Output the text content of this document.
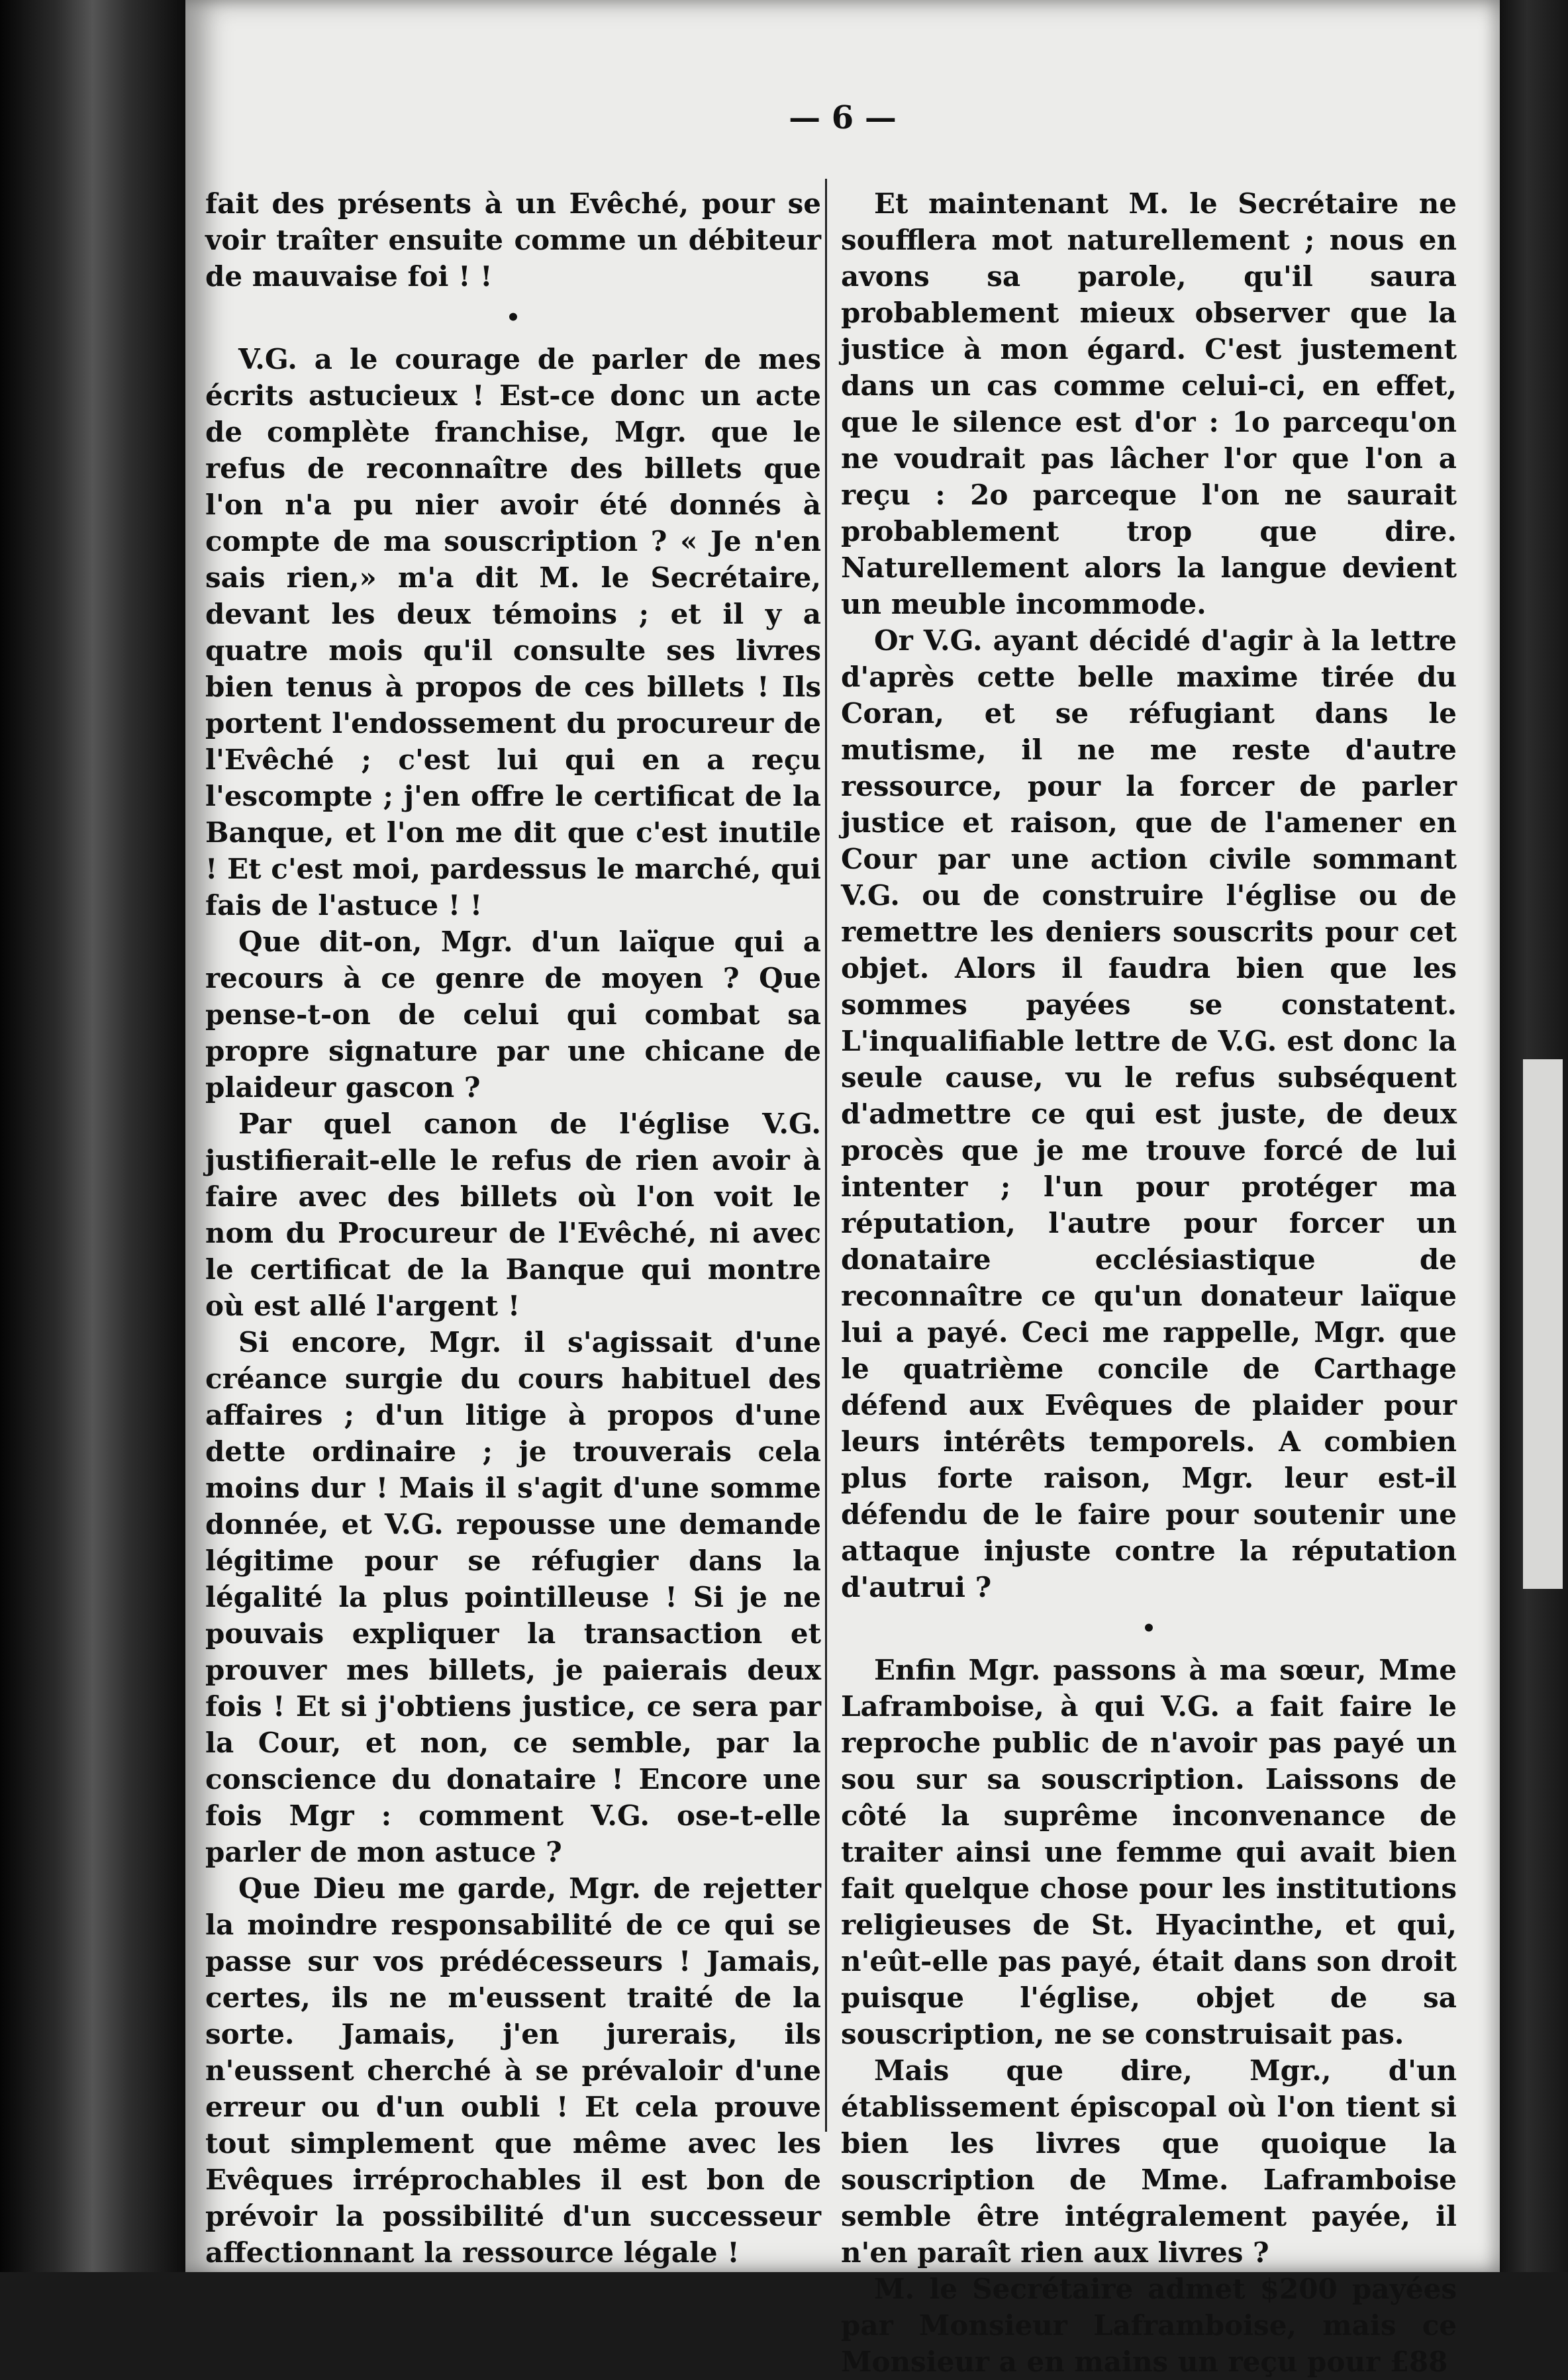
— 6 —

fait des présents à un Evêché, pour se voir traîter ensuite comme un débiteur de mauvaise foi ! !

•

V.G. a le courage de parler de mes écrits astucieux ! Est-ce donc un acte de complète franchise, Mgr. que le refus de reconnaître des billets que l'on n'a pu nier avoir été donnés à compte de ma souscription ? « Je n'en sais rien,» m'a dit M. le Secrétaire, devant les deux témoins ; et il y a quatre mois qu'il consulte ses livres bien tenus à propos de ces billets ! Ils portent l'endossement du procureur de l'Evêché ; c'est lui qui en a reçu l'escompte ; j'en offre le certificat de la Banque, et l'on me dit que c'est inutile ! Et c'est moi, pardessus le marché, qui fais de l'astuce ! !

Que dit-on, Mgr. d'un laïque qui a recours à ce genre de moyen ? Que pense-t-on de celui qui combat sa propre signature par une chicane de plaideur gascon ?

Par quel canon de l'église V.G. justifierait-elle le refus de rien avoir à faire avec des billets où l'on voit le nom du Procureur de l'Evêché, ni avec le certificat de la Banque qui montre où est allé l'argent !

Si encore, Mgr. il s'agissait d'une créance surgie du cours habituel des affaires ; d'un litige à propos d'une dette ordinaire ; je trouverais cela moins dur ! Mais il s'agit d'une somme donnée, et V.G. repousse une demande légitime pour se réfugier dans la légalité la plus pointilleuse ! Si je ne pouvais expliquer la transaction et prouver mes billets, je paierais deux fois ! Et si j'obtiens justice, ce sera par la Cour, et non, ce semble, par la conscience du donataire ! Encore une fois Mgr : comment V.G. ose-t-elle parler de mon astuce ?

Que Dieu me garde, Mgr. de rejetter la moindre responsabilité de ce qui se passe sur vos prédécesseurs ! Jamais, certes, ils ne m'eussent traité de la sorte. Jamais, j'en jurerais, ils n'eussent cherché à se prévaloir d'une erreur ou d'un oubli ! Et cela prouve tout simplement que même avec les Evêques irréprochables il est bon de prévoir la possibilité d'un successeur affectionnant la ressource légale !

Et maintenant M. le Secrétaire ne soufflera mot naturellement ; nous en avons sa parole, qu'il saura probablement mieux observer que la justice à mon égard. C'est justement dans un cas comme celui-ci, en effet, que le silence est d'or : 1o parcequ'on ne voudrait pas lâcher l'or que l'on a reçu : 2o parceque l'on ne saurait probablement trop que dire. Naturellement alors la langue devient un meuble incommode.

Or V.G. ayant décidé d'agir à la lettre d'après cette belle maxime tirée du Coran, et se réfugiant dans le mutisme, il ne me reste d'autre ressource, pour la forcer de parler justice et raison, que de l'amener en Cour par une action civile sommant V.G. ou de construire l'église ou de remettre les deniers souscrits pour cet objet. Alors il faudra bien que les sommes payées se constatent. L'inqualifiable lettre de V.G. est donc la seule cause, vu le refus subséquent d'admettre ce qui est juste, de deux procès que je me trouve forcé de lui intenter ; l'un pour protéger ma réputation, l'autre pour forcer un donataire ecclésiastique de reconnaître ce qu'un donateur laïque lui a payé. Ceci me rappelle, Mgr. que le quatrième concile de Carthage défend aux Evêques de plaider pour leurs intérêts temporels. A combien plus forte raison, Mgr. leur est-il défendu de le faire pour soutenir une attaque injuste contre la réputation d'autrui ?

•

Enfin Mgr. passons à ma sœur, Mme Laframboise, à qui V.G. a fait faire le reproche public de n'avoir pas payé un sou sur sa souscription. Laissons de côté la suprême inconvenance de traiter ainsi une femme qui avait bien fait quelque chose pour les institutions religieuses de St. Hyacinthe, et qui, n'eût-elle pas payé, était dans son droit puisque l'église, objet de sa souscription, ne se construisait pas.

Mais que dire, Mgr., d'un établissement épiscopal où l'on tient si bien les livres que quoique la souscription de Mme. Laframboise semble être intégralement payée, il n'en paraît rien aux livres ?

M. le Secrétaire admet $200 payées par Monsieur Laframboise, mais ce Monsieur a en mains un reçu pour £88
